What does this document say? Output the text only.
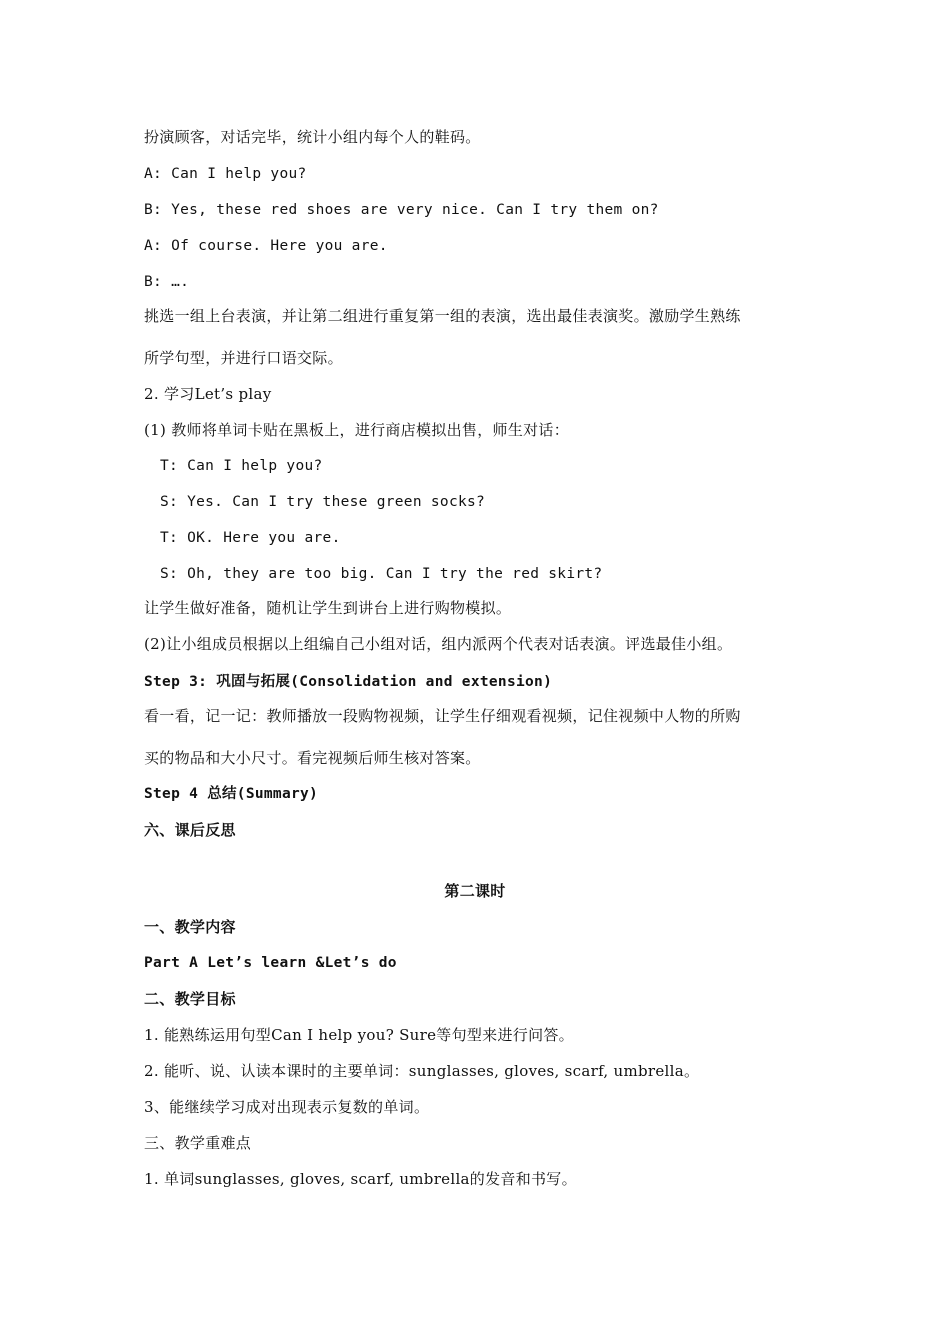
扮演顾客，对话完毕，统计小组内每个人的鞋码。
A: Can I help you?
B: Yes, these red shoes are very nice. Can I try them on?
A: Of course. Here you are.
B: ….
挑选一组上台表演，并让第二组进行重复第一组的表演，选出最佳表演奖。激励学生熟练
所学句型，并进行口语交际。
2. 学习Let’s play
(1) 教师将单词卡贴在黑板上，进行商店模拟出售，师生对话：
T: Can I help you?
S: Yes. Can I try these green socks?
T: OK. Here you are.
S: Oh, they are too big. Can I try the red skirt?
让学生做好准备，随机让学生到讲台上进行购物模拟。
(2)让小组成员根据以上组编自己小组对话，组内派两个代表对话表演。评选最佳小组。
Step 3: 巩固与拓展(Consolidation and extension)
看一看，记一记：教师播放一段购物视频，让学生仔细观看视频，记住视频中人物的所购
买的物品和大小尺寸。看完视频后师生核对答案。
Step 4 总结(Summary)
六、课后反思
第二课时
一、教学内容
Part A Let’s learn &Let’s do
二、教学目标
1. 能熟练运用句型Can I help you? Sure等句型来进行问答。
2. 能听、说、认读本课时的主要单词：sunglasses, gloves, scarf, umbrella。
3、能继续学习成对出现表示复数的单词。
三、教学重难点
1. 单词sunglasses, gloves, scarf, umbrella的发音和书写。
